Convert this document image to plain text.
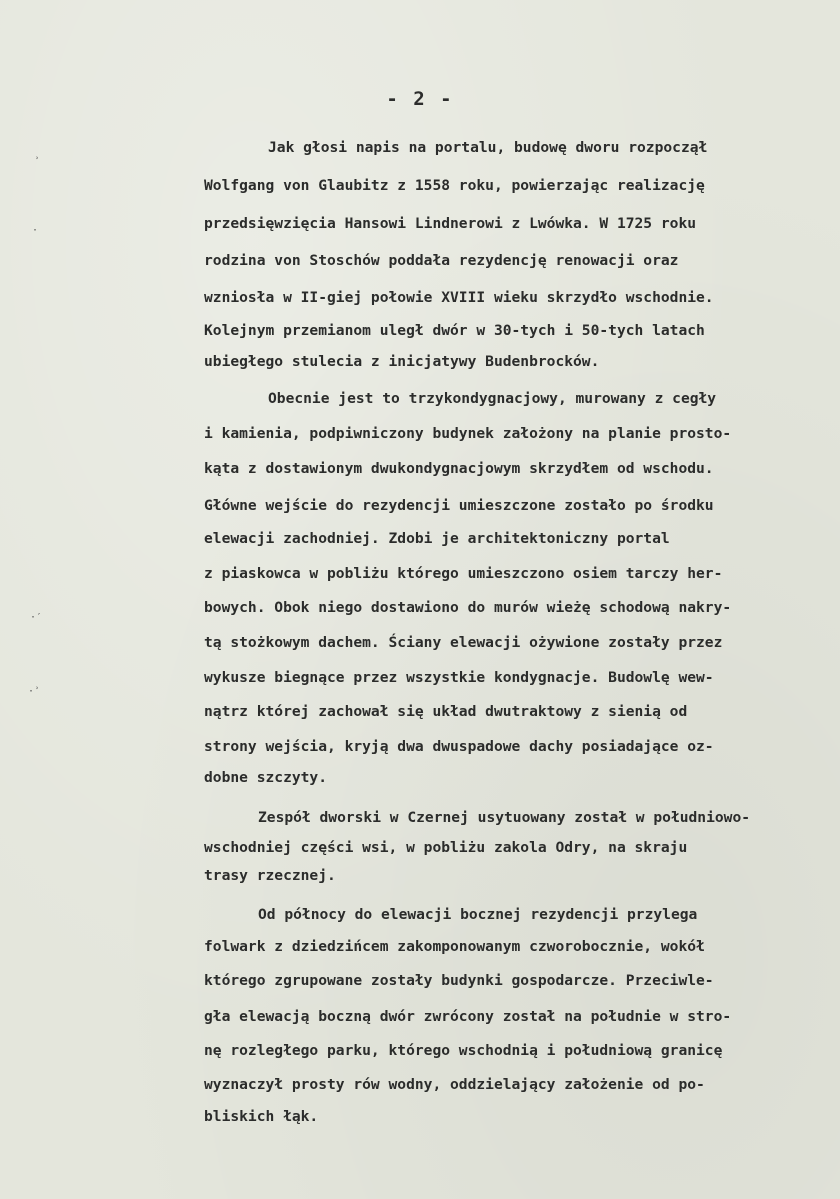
- 2 -
Jak głosi napis na portalu, budowę dworu rozpoczął
Wolfgang von Glaubitz z 1558 roku, powierzając realizację
przedsięwzięcia Hansowi Lindnerowi z Lwówka. W 1725 roku
rodzina von Stoschów poddała rezydencję renowacji oraz
wzniosła w II-giej połowie XVIII wieku skrzydło wschodnie.
Kolejnym przemianom uległ dwór w 30-tych i 50-tych latach
ubiegłego stulecia z inicjatywy Budenbrocków.
Obecnie jest to trzykondygnacjowy, murowany z cegły
i kamienia, podpiwniczony budynek założony na planie prosto-
kąta z dostawionym dwukondygnacjowym skrzydłem od wschodu.
Główne wejście do rezydencji umieszczone zostało po środku
elewacji zachodniej. Zdobi je architektoniczny portal
z piaskowca w pobliżu którego umieszczono osiem tarczy her-
bowych. Obok niego dostawiono do murów wieżę schodową nakry-
tą stożkowym dachem. Ściany elewacji ożywione zostały przez
wykusze biegnące przez wszystkie kondygnacje. Budowlę wew-
nątrz której zachował się układ dwutraktowy z sienią od
strony wejścia, kryją dwa dwuspadowe dachy posiadające oz-
dobne szczyty.
Zespół dworski w Czernej usytuowany został w południowo-
wschodniej części wsi, w pobliżu zakola Odry, na skraju
trasy rzecznej.
Od północy do elewacji bocznej rezydencji przylega
folwark z dziedzińcem zakomponowanym czworobocznie, wokół
którego zgrupowane zostały budynki gospodarcze. Przeciwle-
gła elewacją boczną dwór zwrócony został na południe w stro-
nę rozległego parku, którego wschodnią i południową granicę
wyznaczył prosty rów wodny, oddzielający założenie od po-
bliskich łąk.
ʾ
·
·′
·ʾ
